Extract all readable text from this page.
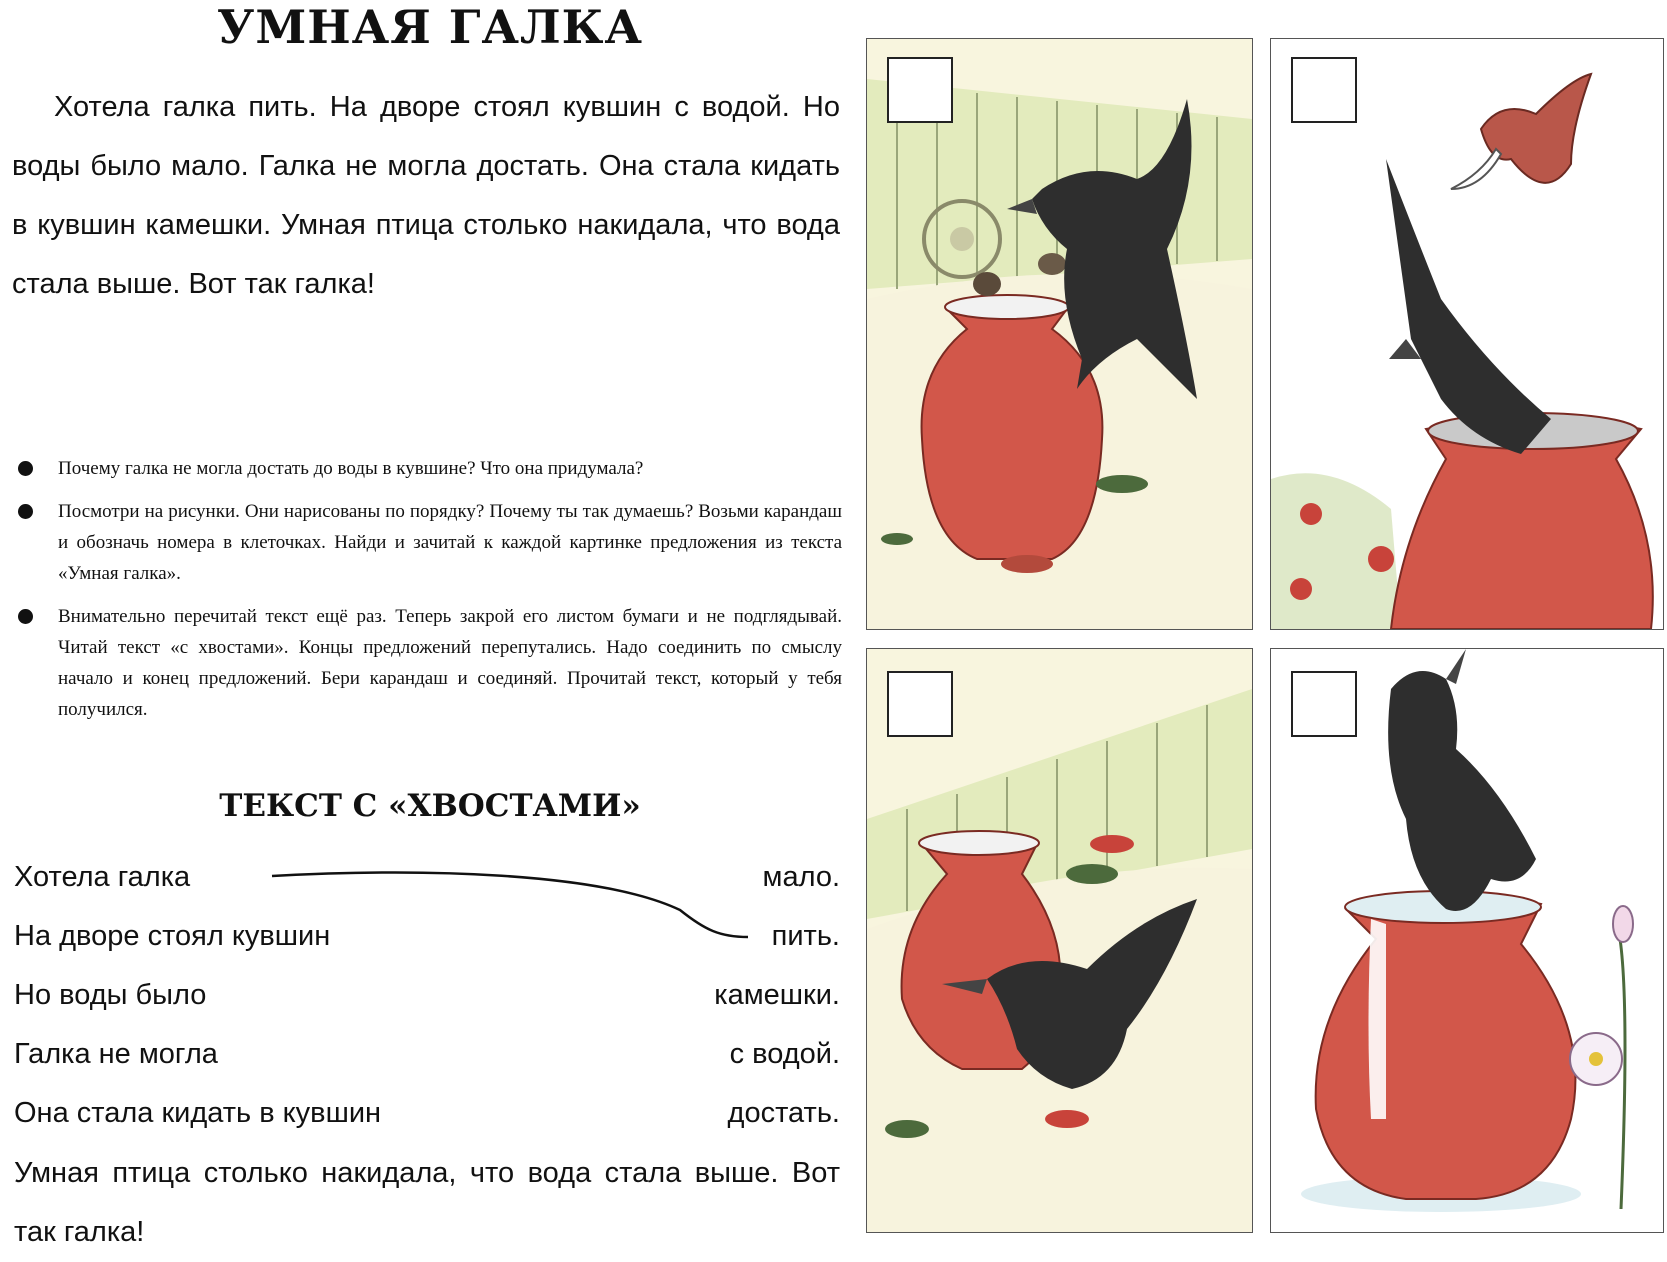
УМНАЯ ГАЛКА
Хотела галка пить. На дворе стоял кувшин с водой. Но воды было мало. Галка не могла достать. Она стала кидать в кувшин камешки. Умная птица столько накидала, что вода стала выше. Вот так галка!
Почему галка не могла достать до воды в кувшине? Что она придумала?
Посмотри на рисунки. Они нарисованы по порядку? Почему ты так думаешь? Возьми карандаш и обозначь номера в клеточках. Найди и зачитай к каждой картинке предложения из текста «Умная галка».
Внимательно перечитай текст ещё раз. Теперь закрой его листом бумаги и не подглядывай. Читай текст «с хвостами». Концы предложений перепутались. Надо соединить по смыслу начало и конец предложений. Бери карандаш и соединяй. Прочитай текст, который у тебя получился.
ТЕКСТ С «ХВОСТАМИ»
Хотела галка	мало.
На дворе стоял кувшин	пить.
Но воды было	камешки.
Галка не могла	с водой.
Она стала кидать в кувшин	достать.
Умная птица столько накидала, что вода стала выше. Вот так галка!
